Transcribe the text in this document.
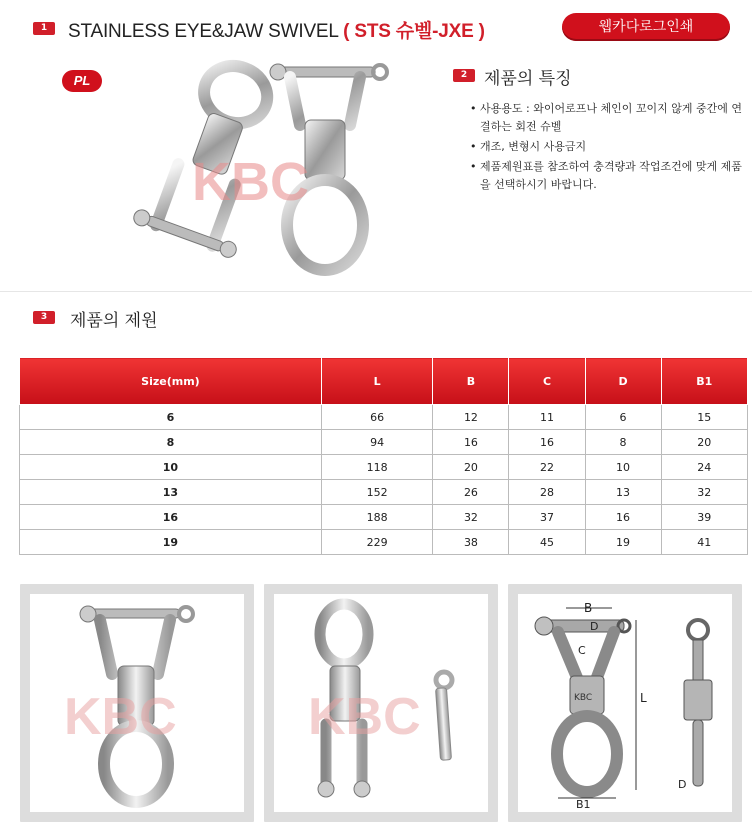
1	STAINLESS EYE&JAW SWIVEL ( STS 슈벨-JXE )	웹카다로그인쇄
PL
KBC
2 제품의 특징
• 사용용도 : 와이어로프나 체인이 꼬이지 않게 중간에 연결하는 회전 슈벨
• 개조, 변형시 사용금지
• 제품제원표를 참조하여 충격량과 작업조건에 맞게 제품을 선택하시기 바랍니다.
3	제품의 제원
Size(mm)	L	B	C	D	B1
6	66	12	11	6	15
8	94	16	16	8	20
10	118	20	22	10	24
13	152	26	28	13	32
16	188	32	37	16	39
19	229	38	45	19	41
KBC	KBC
B
D
C
KBC	L
B1
D
